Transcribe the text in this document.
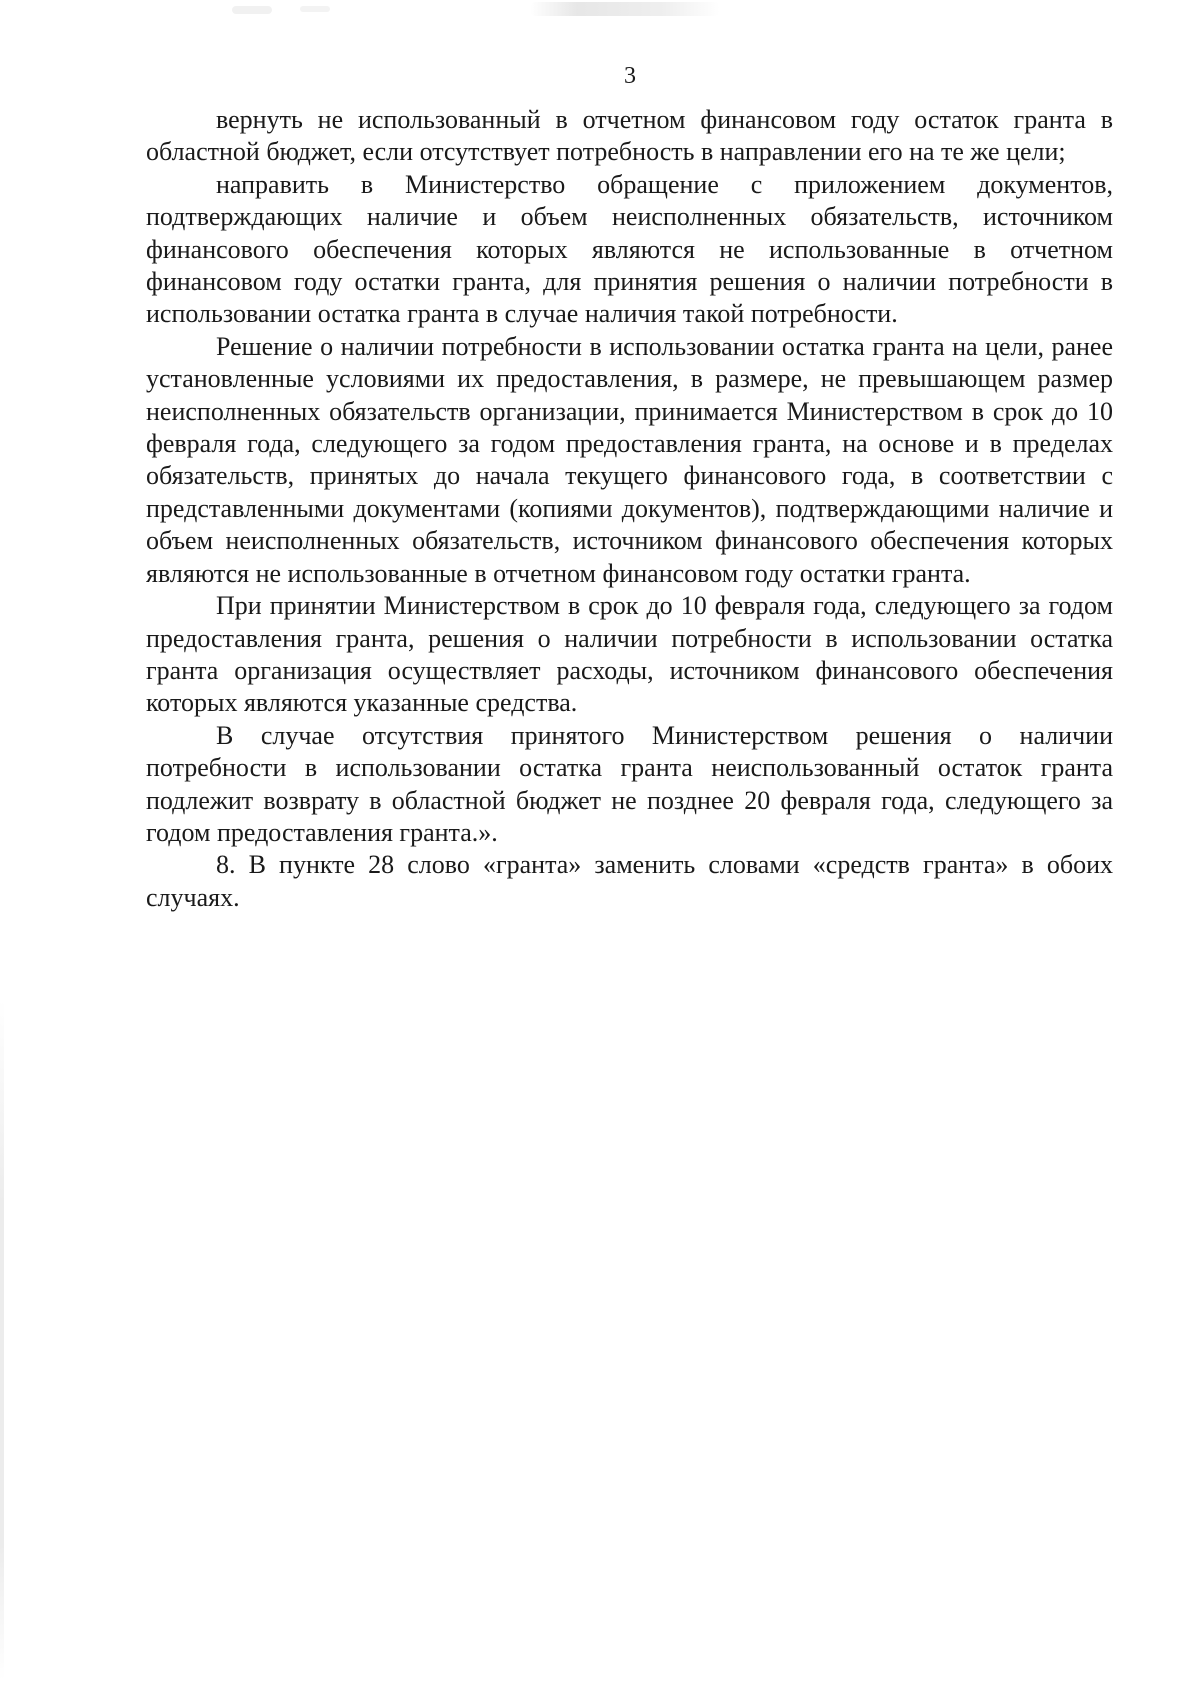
3

вернуть не использованный в отчетном финансовом году остаток гранта в областной бюджет, если отсутствует потребность в направлении его на те же цели;

направить в Министерство обращение с приложением документов, подтверждающих наличие и объем неисполненных обязательств, источником финансового обеспечения которых являются не использованные в отчетном финансовом году остатки гранта, для принятия решения о наличии потребности в использовании остатка гранта в случае наличия такой потребности.

Решение о наличии потребности в использовании остатка гранта на цели, ранее установленные условиями их предоставления, в размере, не превышающем размер неисполненных обязательств организации, принимается Министерством в срок до 10 февраля года, следующего за годом предоставления гранта, на основе и в пределах обязательств, принятых до начала текущего финансового года, в соответствии с представленными документами (копиями документов), подтверждающими наличие и объем неисполненных обязательств, источником финансового обеспечения которых являются не использованные в отчетном финансовом году остатки гранта.

При принятии Министерством в срок до 10 февраля года, следующего за годом предоставления гранта, решения о наличии потребности в использовании остатка гранта организация осуществляет расходы, источником финансового обеспечения которых являются указанные средства.

В случае отсутствия принятого Министерством решения о наличии потребности в использовании остатка гранта неиспользованный остаток гранта подлежит возврату в областной бюджет не позднее 20 февраля года, следующего за годом предоставления гранта.».

8. В пункте 28 слово «гранта» заменить словами «средств гранта» в обоих случаях.
